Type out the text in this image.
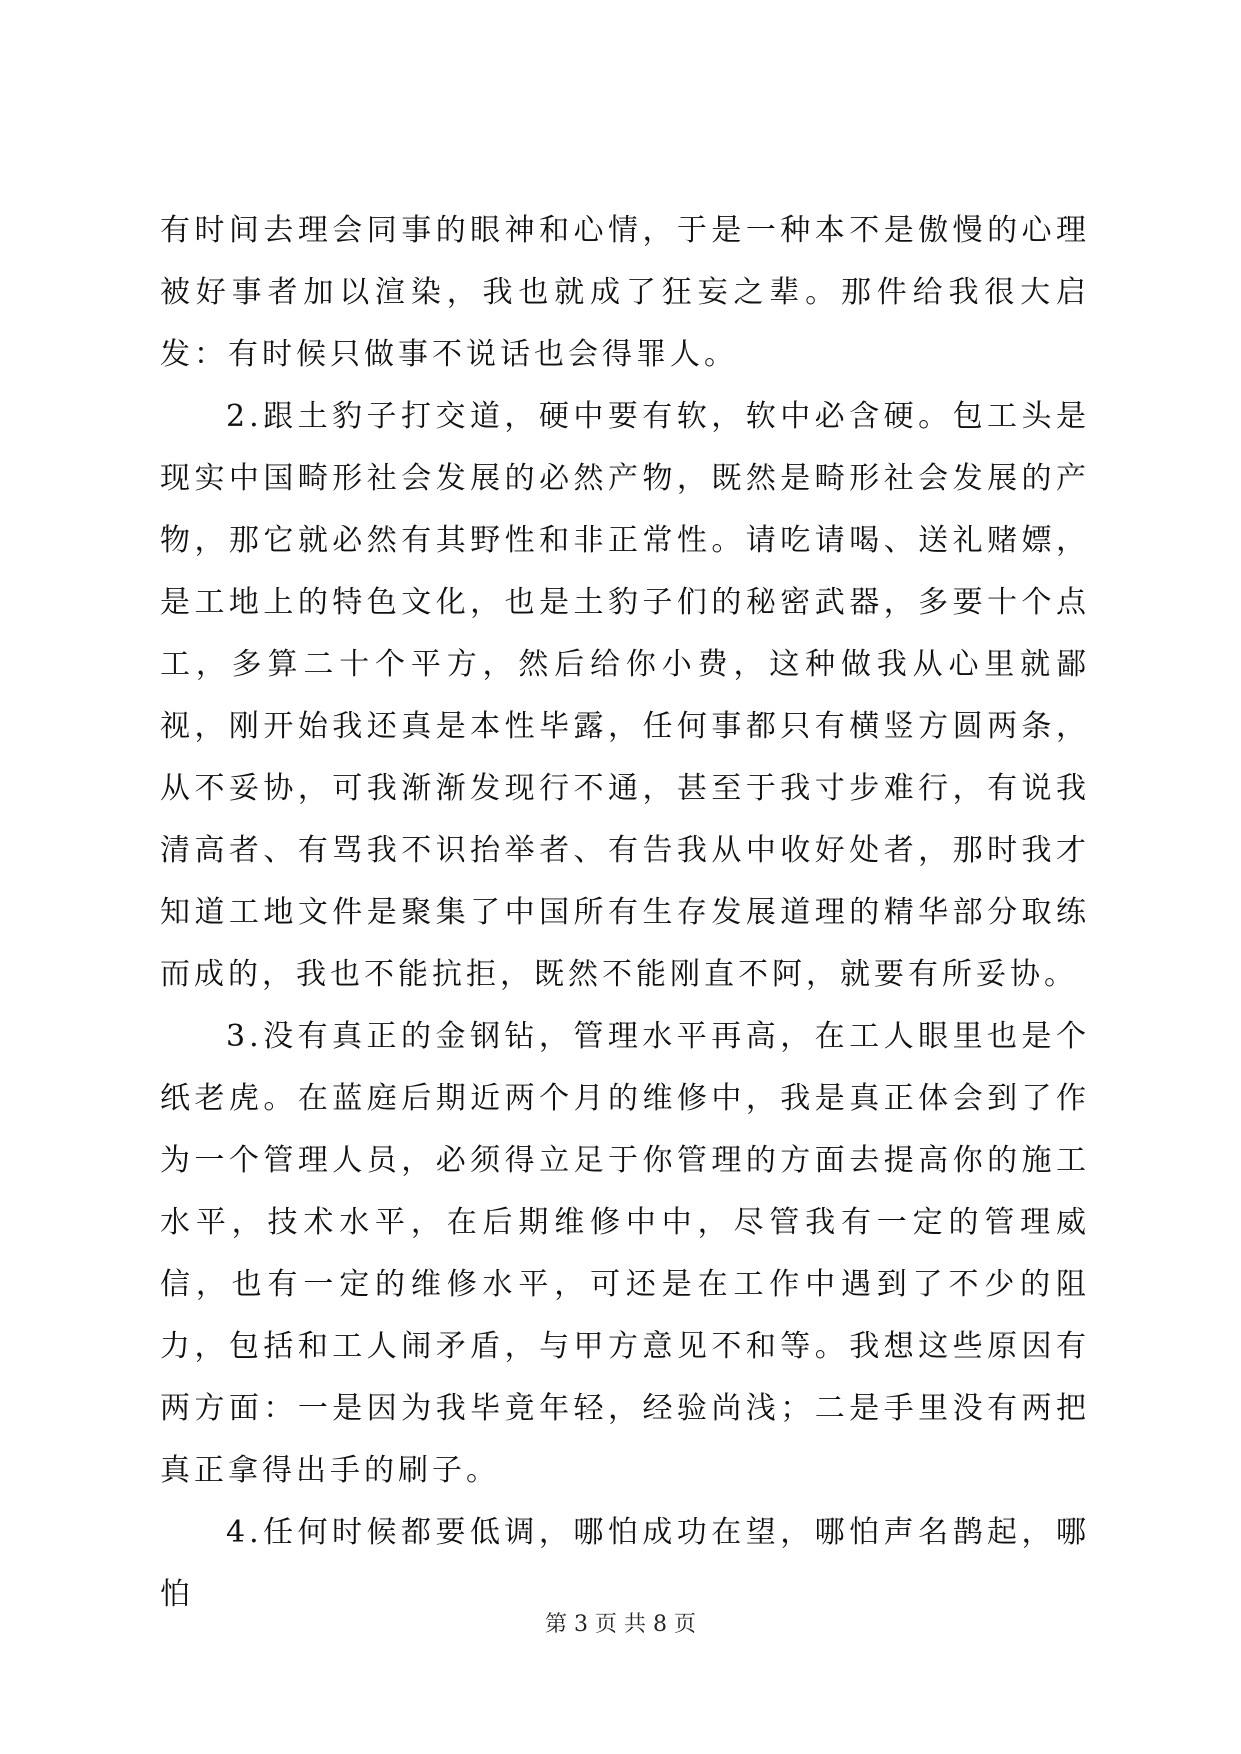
有时间去理会同事的眼神和心情，于是一种本不是傲慢的心理被好事者加以渲染，我也就成了狂妄之辈。那件给我很大启发：有时候只做事不说话也会得罪人。

2.跟土豹子打交道，硬中要有软，软中必含硬。包工头是现实中国畸形社会发展的必然产物，既然是畸形社会发展的产物，那它就必然有其野性和非正常性。请吃请喝、送礼赌嫖，是工地上的特色文化，也是土豹子们的秘密武器，多要十个点工，多算二十个平方，然后给你小费，这种做我从心里就鄙视，刚开始我还真是本性毕露，任何事都只有横竖方圆两条，从不妥协，可我渐渐发现行不通，甚至于我寸步难行，有说我清高者、有骂我不识抬举者、有告我从中收好处者，那时我才知道工地文件是聚集了中国所有生存发展道理的精华部分取练而成的，我也不能抗拒，既然不能刚直不阿，就要有所妥协。

3.没有真正的金钢钻，管理水平再高，在工人眼里也是个纸老虎。在蓝庭后期近两个月的维修中，我是真正体会到了作为一个管理人员，必须得立足于你管理的方面去提高你的施工水平，技术水平，在后期维修中中，尽管我有一定的管理威信，也有一定的维修水平，可还是在工作中遇到了不少的阻力，包括和工人闹矛盾，与甲方意见不和等。我想这些原因有两方面：一是因为我毕竟年轻，经验尚浅；二是手里没有两把真正拿得出手的刷子。

4.任何时候都要低调，哪怕成功在望，哪怕声名鹊起，哪怕

第 3 页 共 8 页
